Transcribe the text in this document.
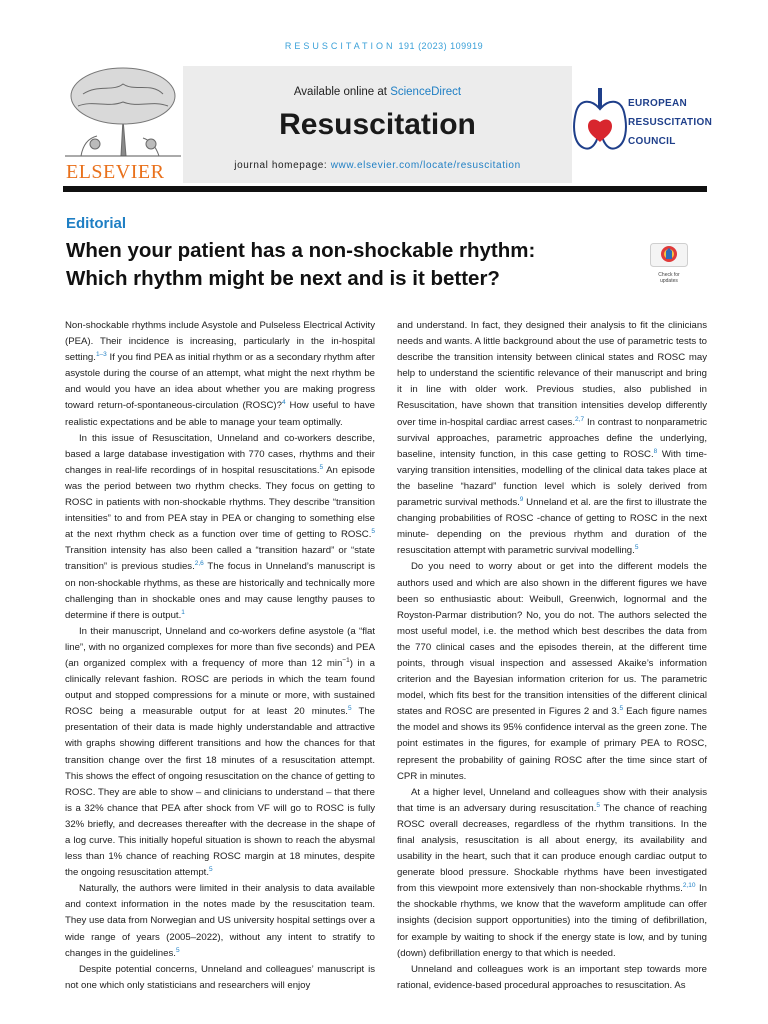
RESUSCITATION 191 (2023) 109919
ELSEVIER
Available online at ScienceDirect
Resuscitation
journal homepage: www.elsevier.com/locate/resuscitation
EUROPEAN
RESUSCITATION
COUNCIL
Editorial
When your patient has a non-shockable rhythm:
Which rhythm might be next and is it better?	Check for
updates

Non-shockable rhythms include Asystole and Pulseless Electrical Activity (PEA). Their incidence is increasing, particularly in the in-hospital setting.$^{1-3}$ If you find PEA as initial rhythm or as a secondary rhythm after asystole during the course of an attempt, what might the next rhythm be and would you have an idea about whether you are making progress toward return-of-spontaneous-circulation (ROSC)?$^4$ How useful to have realistic expectations and be able to manage your team optimally.

In this issue of Resuscitation, Unneland and co-workers describe, based a large database investigation with 770 cases, rhythms and their changes in real-life recordings of in hospital resuscitations.$^5$ An episode was the period between two rhythm checks. They focus on getting to ROSC in patients with non-shockable rhythms. They describe “transition intensities” to and from PEA stay in PEA or changing to something else at the next rhythm check as a function over time of getting to ROSC.$^5$ Transition intensity has also been called a “transition hazard” or “state transition” is previous studies.$^{2,6}$ The focus in Unneland’s manuscript is on non-shockable rhythms, as these are historically and technically more challenging than in shockable ones and may cause lengthy pauses to determine if there is output.$^1$

In their manuscript, Unneland and co-workers define asystole (a “flat line”, with no organized complexes for more than five seconds) and PEA (an organized complex with a frequency of more than 12 min$^{-1}$) in a clinically relevant fashion. ROSC are periods in which the team found output and stopped compressions for a minute or more, with sustained ROSC being a measurable output for at least 20 minutes.$^5$ The presentation of their data is made highly understandable and attractive with graphs showing different transitions and how the chances for that transition change over the first 18 minutes of a resuscitation attempt. This shows the effect of ongoing resuscitation on the chance of getting to ROSC. They are able to show – and clinicians to understand – that there is a 32% chance that PEA after shock from VF will go to ROSC is fully 32% briefly, and decreases thereafter with the decrease in the shape of a log curve. This initially hopeful situation is shown to reach the abysmal less than 1% chance of reaching ROSC margin at 18 minutes, despite the ongoing resuscitation attempt.$^5$

Naturally, the authors were limited in their analysis to data available and context information in the notes made by the resuscitation team. They use data from Norwegian and US university hospital settings over a wide range of years (2005–2022), without any intent to stratify to changes in the guidelines.$^5$

Despite potential concerns, Unneland and colleagues’ manuscript is not one which only statisticians and researchers will enjoy

and understand. In fact, they designed their analysis to fit the clinicians needs and wants. A little background about the use of parametric tests to describe the transition intensity between clinical states and ROSC may help to understand the scientific relevance of their manuscript and bring it in line with older work. Previous studies, also published in Resuscitation, have shown that transition intensities develop differently over time in-hospital cardiac arrest cases.$^{2,7}$ In contrast to nonparametric survival approaches, parametric approaches define the underlying, baseline, intensity function, in this case getting to ROSC.$^8$ With time-varying transition intensities, modelling of the clinical data takes place at the baseline “hazard” function level which is solely derived from parametric survival methods.$^9$ Unneland et al. are the first to illustrate the changing probabilities of ROSC -chance of getting to ROSC in the next minute- depending on the previous rhythm and duration of the resuscitation attempt with parametric survival modelling.$^5$

Do you need to worry about or get into the different models the authors used and which are also shown in the different figures we have been so enthusiastic about: Weibull, Greenwich, lognormal and the Royston-Parmar distribution? No, you do not. The authors selected the most useful model, i.e. the method which best describes the data from the 770 clinical cases and the episodes therein, at the different time points, through visual inspection and assessed Akaike’s information criterion and the Bayesian information criterion for us. The parametric model, which fits best for the transition intensities of the different clinical states and ROSC are presented in Figures 2 and 3.$^5$ Each figure names the model and shows its 95% confidence interval as the green zone. The point estimates in the figures, for example of primary PEA to ROSC, represent the probability of gaining ROSC after the time since start of CPR in minutes.

At a higher level, Unneland and colleagues show with their analysis that time is an adversary during resuscitation.$^5$ The chance of reaching ROSC overall decreases, regardless of the rhythm transitions. In the final analysis, resuscitation is all about energy, its availability and usability in the heart, such that it can produce enough cardiac output to generate blood pressure. Shockable rhythms have been investigated from this viewpoint more extensively than non-shockable rhythms.$^{2,10}$ In the shockable rhythms, we know that the waveform amplitude can offer insights (decision support opportunities) into the timing of defibrillation, for example by waiting to shock if the energy state is low, and by tuning (down) defibrillation energy to that which is needed.

Unneland and colleagues work is an important step towards more rational, evidence-based procedural approaches to resuscitation. As
